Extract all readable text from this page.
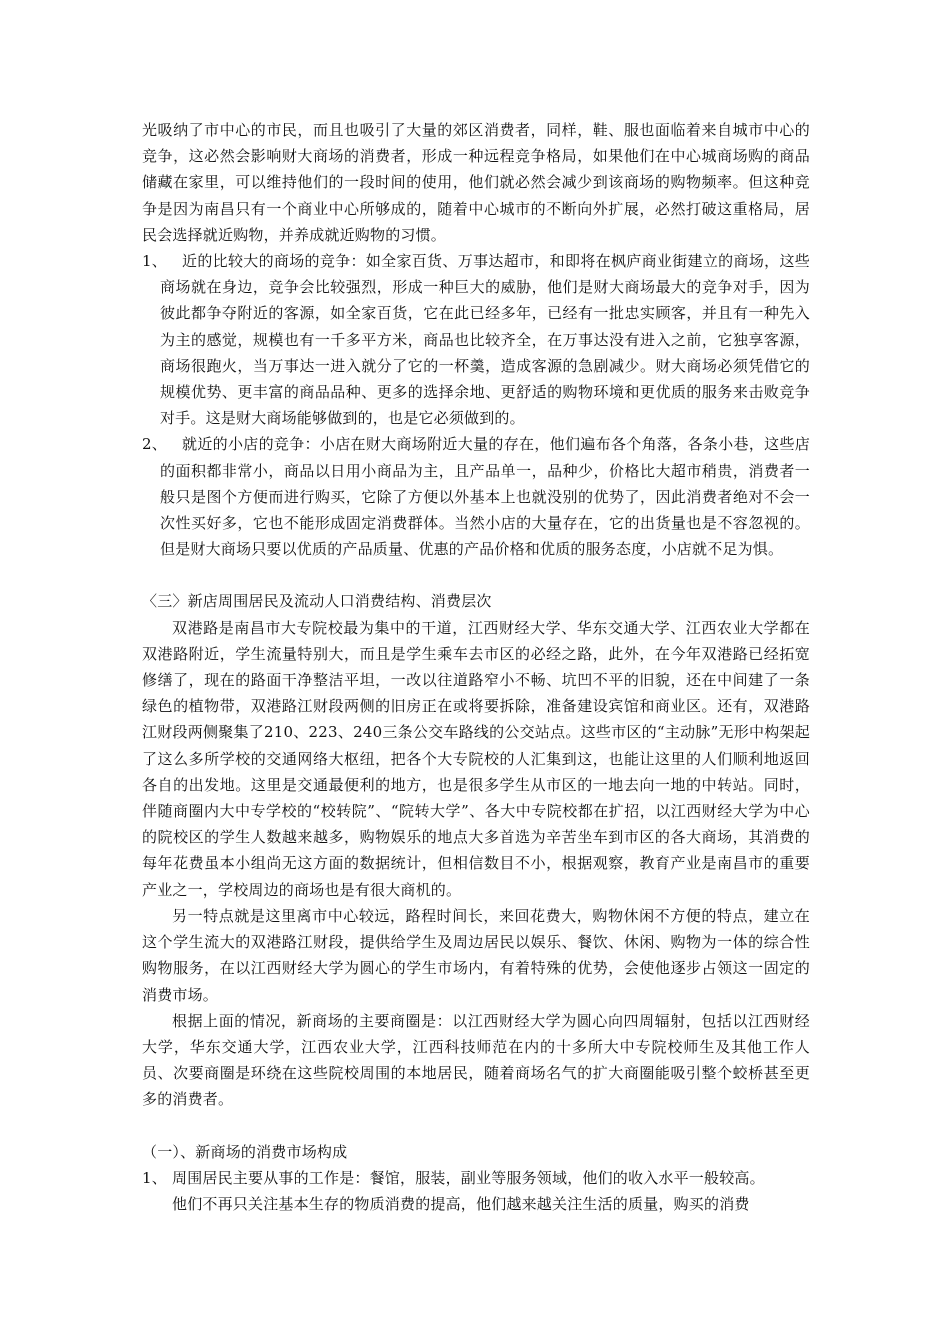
光吸纳了市中心的市民，而且也吸引了大量的郊区消费者，同样，鞋、服也面临着来自城市中心的竞争，这必然会影响财大商场的消费者，形成一种远程竞争格局，如果他们在中心城商场购的商品储藏在家里，可以维持他们的一段时间的使用，他们就必然会减少到该商场的购物频率。但这种竞争是因为南昌只有一个商业中心所够成的，随着中心城市的不断向外扩展，必然打破这重格局，居民会选择就近购物，并养成就近购物的习惯。

1、	近的比较大的商场的竞争：如全家百货、万事达超市，和即将在枫庐商业街建立的商场，这些商场就在身边，竞争会比较强烈，形成一种巨大的威胁，他们是财大商场最大的竞争对手，因为彼此都争夺附近的客源，如全家百货，它在此已经多年，已经有一批忠实顾客，并且有一种先入为主的感觉，规模也有一千多平方米，商品也比较齐全，在万事达没有进入之前，它独享客源，商场很跑火，当万事达一进入就分了它的一杯羹，造成客源的急剧减少。财大商场必须凭借它的规模优势、更丰富的商品品种、更多的选择余地、更舒适的购物环境和更优质的服务来击败竞争对手。这是财大商场能够做到的，也是它必须做到的。

2、	就近的小店的竞争：小店在财大商场附近大量的存在，他们遍布各个角落，各条小巷，这些店的面积都非常小，商品以日用小商品为主，且产品单一，品种少，价格比大超市稍贵，消费者一般只是图个方便而进行购买，它除了方便以外基本上也就没别的优势了，因此消费者绝对不会一次性买好多，它也不能形成固定消费群体。当然小店的大量存在，它的出货量也是不容忽视的。但是财大商场只要以优质的产品质量、优惠的产品价格和优质的服务态度，小店就不足为惧。

〈三〉新店周围居民及流动人口消费结构、消费层次

双港路是南昌市大专院校最为集中的干道，江西财经大学、华东交通大学、江西农业大学都在双港路附近，学生流量特别大，而且是学生乘车去市区的必经之路，此外，在今年双港路已经拓宽修缮了，现在的路面干净整洁平坦，一改以往道路窄小不畅、坑凹不平的旧貌，还在中间建了一条绿色的植物带，双港路江财段两侧的旧房正在或将要拆除，准备建设宾馆和商业区。还有，双港路江财段两侧聚集了210、223、240三条公交车路线的公交站点。这些市区的“主动脉”无形中构架起了这么多所学校的交通网络大枢纽，把各个大专院校的人汇集到这，也能让这里的人们顺利地返回各自的出发地。这里是交通最便利的地方，也是很多学生从市区的一地去向一地的中转站。同时，伴随商圈内大中专学校的“校转院”、“院转大学”、各大中专院校都在扩招，以江西财经大学为中心的院校区的学生人数越来越多，购物娱乐的地点大多首选为辛苦坐车到市区的各大商场，其消费的每年花费虽本小组尚无这方面的数据统计，但相信数目不小，根据观察，教育产业是南昌市的重要产业之一，学校周边的商场也是有很大商机的。

另一特点就是这里离市中心较远，路程时间长，来回花费大，购物休闲不方便的特点，建立在这个学生流大的双港路江财段，提供给学生及周边居民以娱乐、餐饮、休闲、购物为一体的综合性购物服务，在以江西财经大学为圆心的学生市场内，有着特殊的优势，会使他逐步占领这一固定的消费市场。

根据上面的情况，新商场的主要商圈是：以江西财经大学为圆心向四周辐射，包括以江西财经大学，华东交通大学，江西农业大学，江西科技师范在内的十多所大中专院校师生及其他工作人员、次要商圈是环绕在这些院校周围的本地居民，随着商场名气的扩大商圈能吸引整个蛟桥甚至更多的消费者。

（一）、新商场的消费市场构成

1、 周围居民主要从事的工作是：餐馆，服装，副业等服务领域，他们的收入水平一般较高。

他们不再只关注基本生存的物质消费的提高，他们越来越关注生活的质量，购买的消费
